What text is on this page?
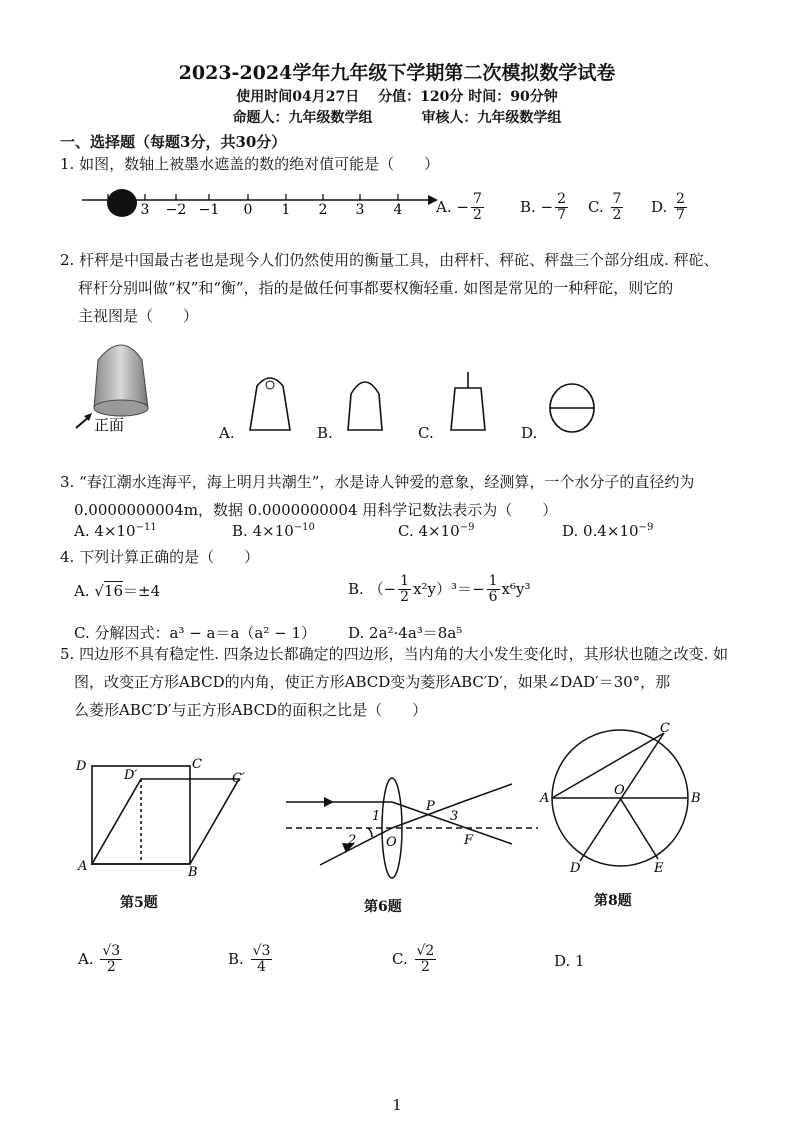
2023-2024学年九年级下学期第二次模拟数学试卷
使用时间04月27日 分值：120分 时间：90分钟
命题人：九年级数学组	审核人：九年级数学组
一、选择题（每题3分，共30分）
1. 如图，数轴上被墨水遮盖的数的绝对值可能是（　　）
3 −2 −1 0 1 2 3 4 A. − $\frac{7}{2} B$. − $\frac{2}{7} C$. $\frac{7}{2} D$. $\frac{2}{7}$
2. 杆秤是中国最古老也是现今人们仍然使用的衡量工具，由秤杆、秤砣、秤盘三个部分组成. 秤砣、
秤杆分别叫做“权”和“衡”，指的是做任何事都要权衡轻重. 如图是常见的一种秤砣，则它的
主视图是（　　）
正面	A.	B.	C.	D.
3. “春江潮水连海平，海上明月共潮生”，水是诗人钟爱的意象，经测算，一个水分子的直径约为
0.0000000004m，数据 0.0000000004 用科学记数法表示为（　　）
A. $4\times 10^{-11}$	B. $4\times 10^{-10}$	C. $4\times 10^{-9}$	D. $0.4\times 10^{-9}$
4. 下列计算正确的是（　　）
A. √16＝±4	B. （− $\frac{1}{2} x^2y)^3=- \frac{1}{6} x^6y^3$
C. 分解因式：a³ − a＝a（a² − 1） D. 2a²·4a³＝8a⁵
5. 四边形不具有稳定性. 四条边长都确定的四边形，当内角的大小发生变化时，其形状也随之改变. 如
图，改变正方形ABCD的内角，使正方形ABCD变为菱形ABC′D′，如果∠DAD′＝30°，那
么菱形ABC′D′与正方形ABCD的面积之比是（　　）
D
D′
C
C′
A	B
1
2
3
P
O	F
C
A
O
B
D	E
第5题	第6题	第8题
A. $\frac{√3}{2}$	B. $\frac{√3}{4}$	C. $\frac{√2}{2}$	D. 1
1
